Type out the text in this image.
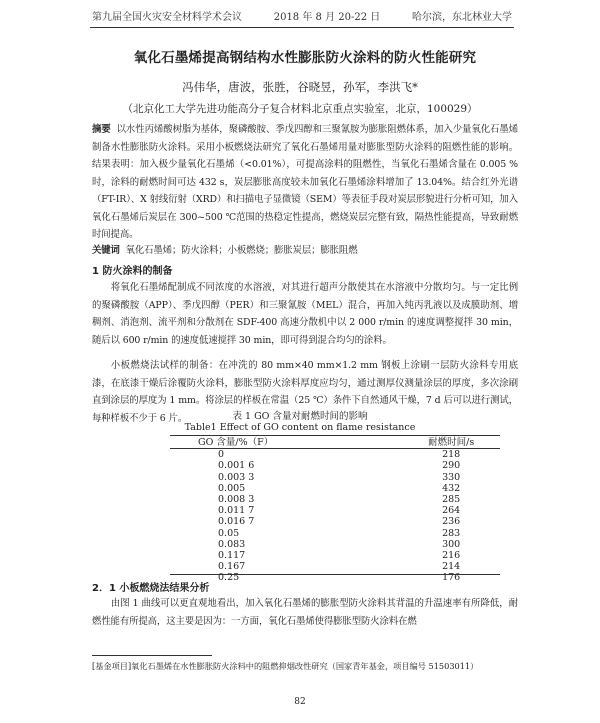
第九届全国火灾安全材料学术会议	2018 年 8 月 20-22 日	哈尔滨，东北林业大学
氧化石墨烯提高钢结构水性膨胀防火涂料的防火性能研究
冯伟华，唐波，张胜，谷晓昱，孙军，李洪飞*
（北京化工大学先进功能高分子复合材料北京重点实验室，北京，100029）
摘要 以水性丙烯酸树脂为基体，聚磷酸胺、季戊四醇和三聚氰胺为膨胀阻燃体系，加入少量氧化石墨烯制备水性膨胀防火涂料。采用小板燃烧法研究了氧化石墨烯用量对膨胀型防火涂料的阻燃性能的影响。结果表明：加入极少量氧化石墨烯（<0.01%），可提高涂料的阻燃性，当氧化石墨烯含量在 0.005 %时，涂料的耐燃时间可达 432 s，炭层膨胀高度较未加氧化石墨烯涂料增加了 13.04%。结合红外光谱（FT-IR）、X 射线衍射（XRD）和扫描电子显微镜（SEM）等表征手段对炭层形貌进行分析可知，加入氧化石墨烯后炭层在 300~500 ℃范围的热稳定性提高，燃烧炭层完整有致，隔热性能提高，导致耐燃时间提高。
关键词 氧化石墨烯；防火涂料；小板燃烧；膨胀炭层；膨胀阻燃
1 防火涂料的制备
将氧化石墨烯配制成不同浓度的水溶液，对其进行超声分散使其在水溶液中分散均匀。与一定比例的聚磷酸胺（APP）、季戊四醇（PER）和三聚氰胺（MEL）混合，再加入纯丙乳液以及成膜助剂、增稠剂、消泡剂、流平剂和分散剂在 SDF-400 高速分散机中以 2 000 r/min 的速度调整搅拌 30 min，随后以 600 r/min 的速度低速搅拌 30 min，即可得到混合均匀的涂料。
小板燃烧法试样的制备：在冲洗的 80 mm×40 mm×1.2 mm 钢板上涂刷一层防火涂料专用底漆，在底漆干燥后涂覆防火涂料，膨胀型防火涂料厚度应均匀，通过测厚仪测量涂层的厚度，多次涂刷直到涂层的厚度为 1 mm。将涂层的样板在常温（25 ℃）条件下自然通风干燥，7 d 后可以进行测试，每种样板不少于 6 片。	表 1 GO 含量对耐燃时间的影响
Table1 Effect of GO content on flame resistance
GO 含量/%（F）	耐燃时间/s
0	218
0.001 6	290
0.003 3	330
0.005	432
0.008 3	285
0.011 7	264
0.016 7	236
0.05	283
0.083	300
0.117	216
0.167	214
0.25	176
2．1 小板燃烧法结果分析
由图 1 曲线可以更直观地看出，加入氧化石墨烯的膨胀型防火涂料其背温的升温速率有所降低，耐燃性能有所提高，这主要是因为：一方面，氧化石墨烯使得膨胀型防火涂料在燃
[基金项目]氧化石墨烯在水性膨胀防火涂料中的阻燃抑烟改性研究（国家青年基金，项目编号 51503011）
82
